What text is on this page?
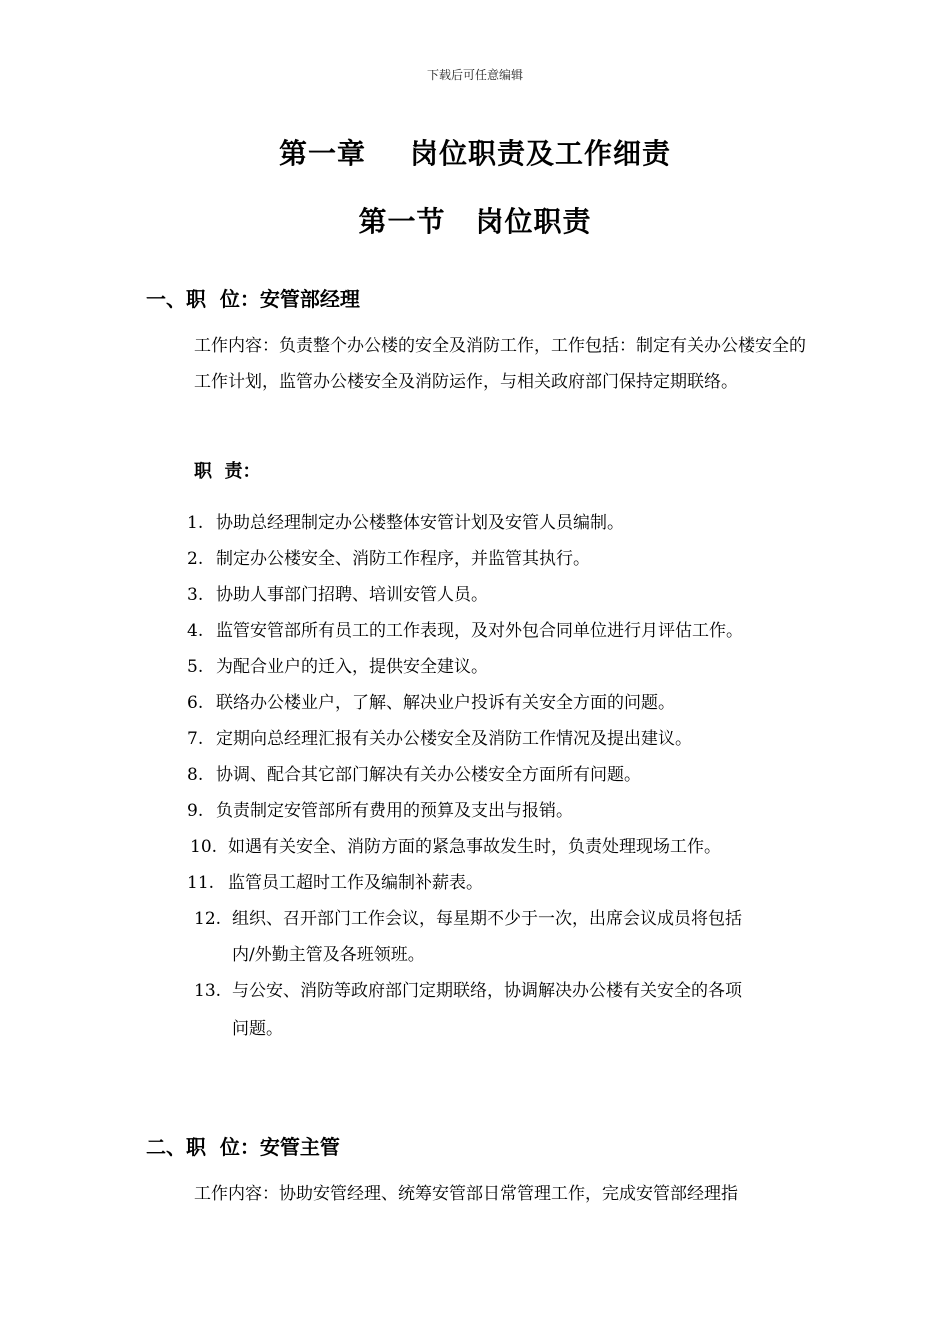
下载后可任意编辑
第一章 岗位职责及工作细责
第一节 岗位职责
一、职  位：安管部经理
工作内容：负责整个办公楼的安全及消防工作，工作包括：制定有关办公楼安全的工作计划，监管办公楼安全及消防运作，与相关政府部门保持定期联络。
职  责：
1. 协助总经理制定办公楼整体安管计划及安管人员编制。
2. 制定办公楼安全、消防工作程序，并监管其执行。
3. 协助人事部门招聘、培训安管人员。
4. 监管安管部所有员工的工作表现，及对外包合同单位进行月评估工作。
5. 为配合业户的迁入，提供安全建议。
6. 联络办公楼业户，了解、解决业户投诉有关安全方面的问题。
7. 定期向总经理汇报有关办公楼安全及消防工作情况及提出建议。
8. 协调、配合其它部门解决有关办公楼安全方面所有问题。
9. 负责制定安管部所有费用的预算及支出与报销。
10. 如遇有关安全、消防方面的紧急事故发生时，负责处理现场工作。
11. 监管员工超时工作及编制补薪表。
12. 组织、召开部门工作会议，每星期不少于一次，出席会议成员将包括
内/外勤主管及各班领班。
13. 与公安、消防等政府部门定期联络，协调解决办公楼有关安全的各项
问题。
二、职  位：安管主管
工作内容：协助安管经理、统筹安管部日常管理工作，完成安管部经理指
